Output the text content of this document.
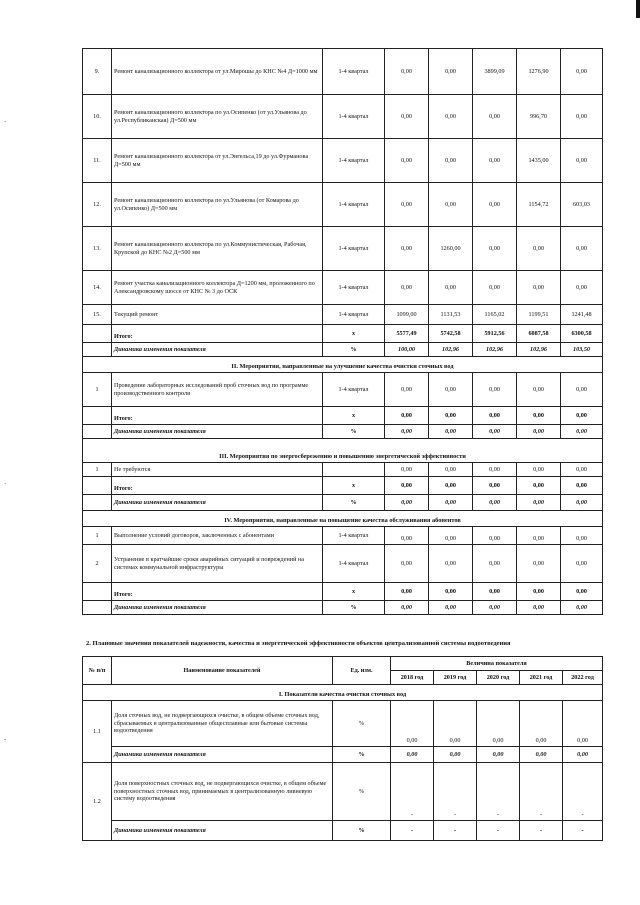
·
·
-
9.	Ремонт канализационного коллектора от ул.Мирошы до КНС №4 Д=1000 мм	1-4 квартал	0,00	0,00	3899,09	1276,90	0,00
10.	Ремонт канализационного коллектора по ул.Осипенко (от ул.Ульянова до ул.Республиканская) Д=500 мм	1-4 квартал	0,00	0,00	0,00	996,70	0,00
11.	Ремонт канализационного коллектора от ул.Энгельса,19 до ул.Фурманова Д=500 мм	1-4 квартал	0,00	0,00	0,00	1435,00	0,00
12.	Ремонт канализационного коллектора по ул.Ульянова (от Комарова до ул.Осипенко) Д=500 мм	1-4 квартал	0,00	0,00	0,00	1154,72	603,03
13.	Ремонт канализационного коллектора по ул.Коммунистическая, Рабочая, Крупской до КНС №2 Д=500 мм	1-4 квартал	0,00	1260,00	0,00	0,00	0,00
14.	Ремонт участка канализационного коллектора Д=1200 мм, проложенного по Александровскому шоссе от КНС № 3 до ОСК	1-4 квартал	0,00	0,00	0,00	0,00	0,00
15.	Текущий ремонт	1-4 квартал	1099,00	1131,53	1165,02	1199,51	1241,48
	Итого:	х	5577,49	5742,58	5912,56	6087,58	6300,58
	Динамика изменения показателя	%	100,00	102,96	102,96	102,96	103,50
II. Мероприятия, направленные на улучшение качества очистки сточных вод							
1	Проведение лабораторных исследований проб сточных вод по программе производственного контроля	1-4 квартал	0,00	0,00	0,00	0,00	0,00
	Итого:	х	0,00	0,00	0,00	0,00	0,00
	Динамика изменения показателя	%	0,00	0,00	0,00	0,00	0,00
III. Мероприятия по энергосбережению и повышению энергетической эффективности							
1	Не требуются		0,00	0,00	0,00	0,00	0,00
	Итого:	х	0,00	0,00	0,00	0,00	0,00
	Динамика изменения показателя	%	0,00	0,00	0,00	0,00	0,00
IV. Мероприятия, направленные на повышение качества обслуживания абонентов							
1	Выполнение условий договоров, заключенных с абонентами	1-4 квартал	0,00	0,00	0,00	0,00	0,00
2	Устранение в кратчайшие сроки аварийных ситуаций и повреждений на системах коммунальной инфраструктуры	1-4 квартал	0,00	0,00	0,00	0,00	0,00
	Итого:	х	0,00	0,00	0,00	0,00	0,00
	Динамика изменения показателя	%	0,00	0,00	0,00	0,00	0,00
2. Плановые значения показателей надежности, качества и энергетической эффективности объектов централизованной системы водоотведения
№ п/п	Наименование показателей	Ед. изм.	Величина показателя				
			2018 год	2019 год	2020 год	2021 год	2022 год
I. Показатели качества очистки сточных вод							
1.1	Доля сточных вод, не подвергающихся очистке, в общем объеме сточных вод, сбрасываемых в централизованные общесплавные или бытовые системы водоотведения	%	0,00	0,00	0,00	0,00	0,00
	Динамика изменения показателя	%	0,00	0,00	0,00	0,00	0,00
1.2	Доля поверхностных сточных вод, не подвергающихся очистке, в общем объеме поверхностных сточных вод, принимаемых в централизованную ливневую систему водоотведения	%	-	-	-	-	-
	Динамика изменения показателя	%	-	-	-	-	-
